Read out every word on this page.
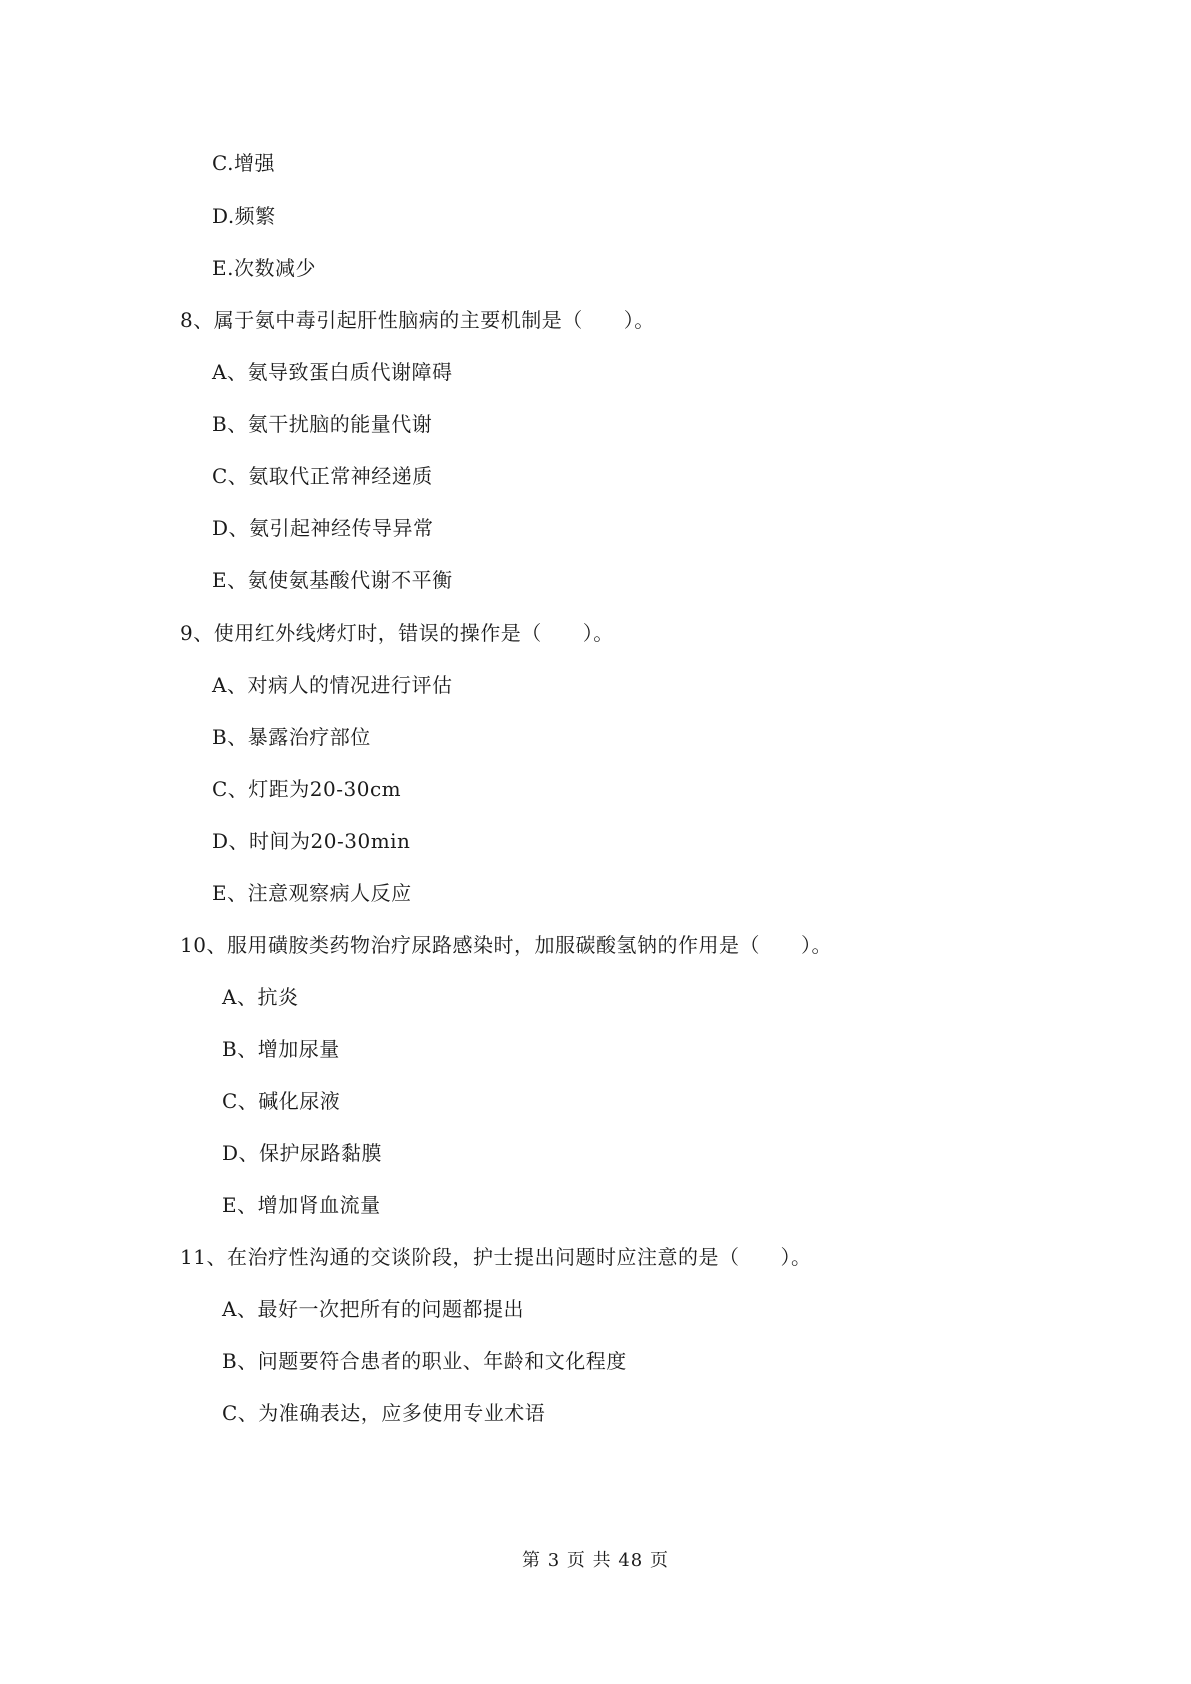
C.增强
D.频繁
E.次数减少
8、属于氨中毒引起肝性脑病的主要机制是（　　）。
A、氨导致蛋白质代谢障碍
B、氨干扰脑的能量代谢
C、氨取代正常神经递质
D、氨引起神经传导异常
E、氨使氨基酸代谢不平衡
9、使用红外线烤灯时，错误的操作是（　　）。
A、对病人的情况进行评估
B、暴露治疗部位
C、灯距为20-30cm
D、时间为20-30min
E、注意观察病人反应
10、服用磺胺类药物治疗尿路感染时，加服碳酸氢钠的作用是（　　）。
A、抗炎
B、增加尿量
C、碱化尿液
D、保护尿路黏膜
E、增加肾血流量
11、在治疗性沟通的交谈阶段，护士提出问题时应注意的是（　　）。
A、最好一次把所有的问题都提出
B、问题要符合患者的职业、年龄和文化程度
C、为准确表达，应多使用专业术语
第 3 页 共 48 页
